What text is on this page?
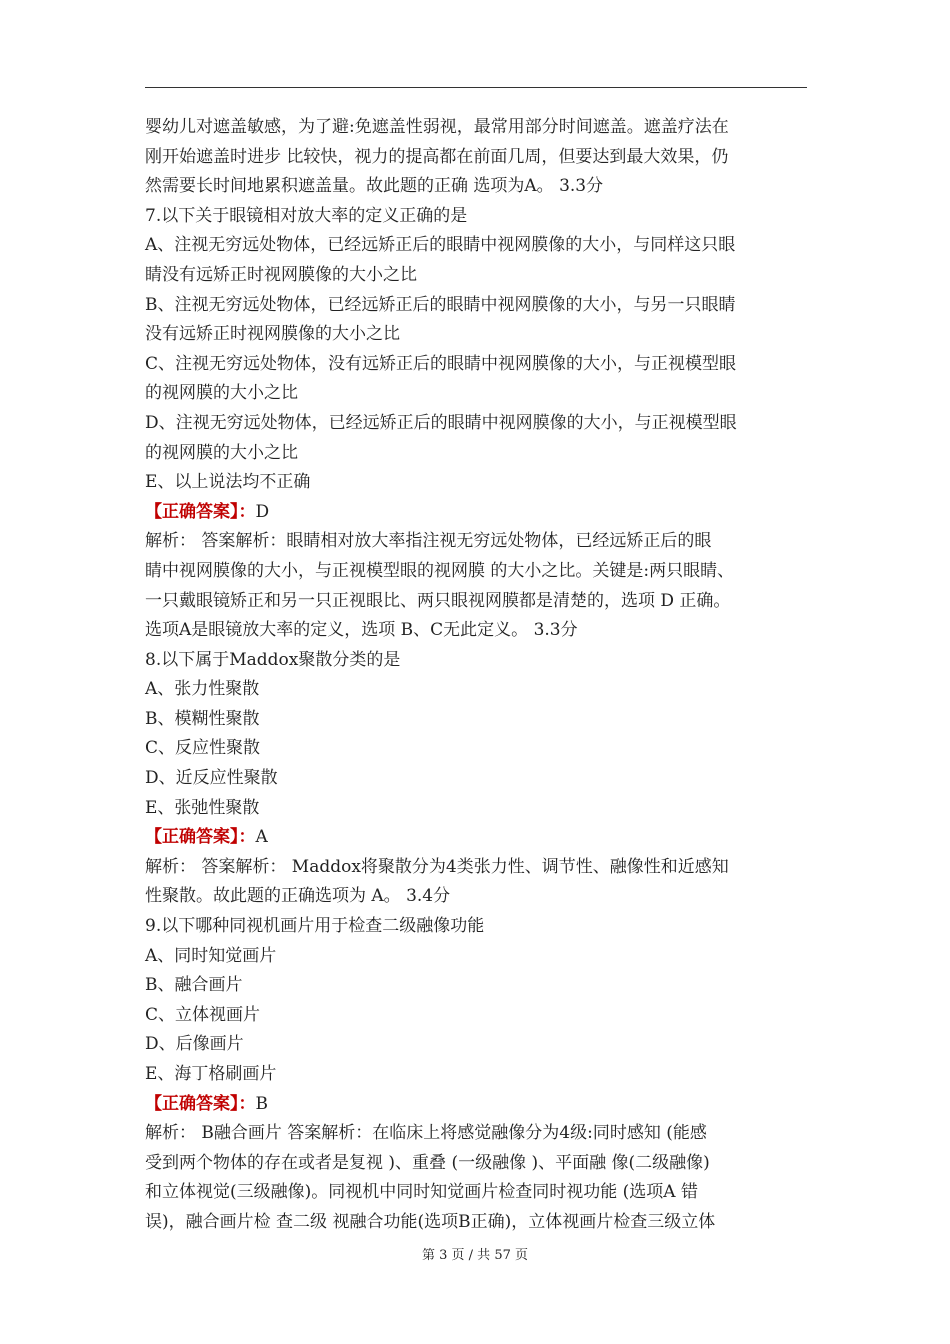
婴幼儿对遮盖敏感，为了避:免遮盖性弱视，最常用部分时间遮盖。遮盖疗法在
刚开始遮盖时进步 比较快，视力的提高都在前面几周，但要达到最大效果，仍
然需要长时间地累积遮盖量。故此题的正确 选项为A。 3.3分
7.以下关于眼镜相对放大率的定义正确的是
A、注视无穷远处物体，已经远矫正后的眼睛中视网膜像的大小，与同样这只眼
睛没有远矫正时视网膜像的大小之比
B、注视无穷远处物体，已经远矫正后的眼睛中视网膜像的大小，与另一只眼睛
没有远矫正时视网膜像的大小之比
C、注视无穷远处物体，没有远矫正后的眼睛中视网膜像的大小，与正视模型眼
的视网膜的大小之比
D、注视无穷远处物体，已经远矫正后的眼睛中视网膜像的大小，与正视模型眼
的视网膜的大小之比
E、以上说法均不正确
【正确答案】：D
解析： 答案解析：眼睛相对放大率指注视无穷远处物体，已经远矫正后的眼
睛中视网膜像的大小，与正视模型眼的视网膜 的大小之比。关键是:两只眼睛、
一只戴眼镜矫正和另一只正视眼比、两只眼视网膜都是清楚的，选项 D 正确。
选项A是眼镜放大率的定义，选项 B、C无此定义。 3.3分
8.以下属于Maddox聚散分类的是
A、张力性聚散
B、模糊性聚散
C、反应性聚散
D、近反应性聚散
E、张弛性聚散
【正确答案】：A
解析： 答案解析： Maddox将聚散分为4类张力性、调节性、融像性和近感知
性聚散。故此题的正确选项为 A。 3.4分
9.以下哪种同视机画片用于检查二级融像功能
A、同时知觉画片
B、融合画片
C、立体视画片
D、后像画片
E、海丁格刷画片
【正确答案】：B
解析： B融合画片 答案解析：在临床上将感觉融像分为4级:同时感知 (能感
受到两个物体的存在或者是复视 )、重叠 (一级融像 )、平面融 像(二级融像)
和立体视觉(三级融像)。同视机中同时知觉画片检查同时视功能 (选项A 错
误)，融合画片检 查二级 视融合功能(选项B正确)，立体视画片检查三级立体
第 3 页 / 共 57 页
